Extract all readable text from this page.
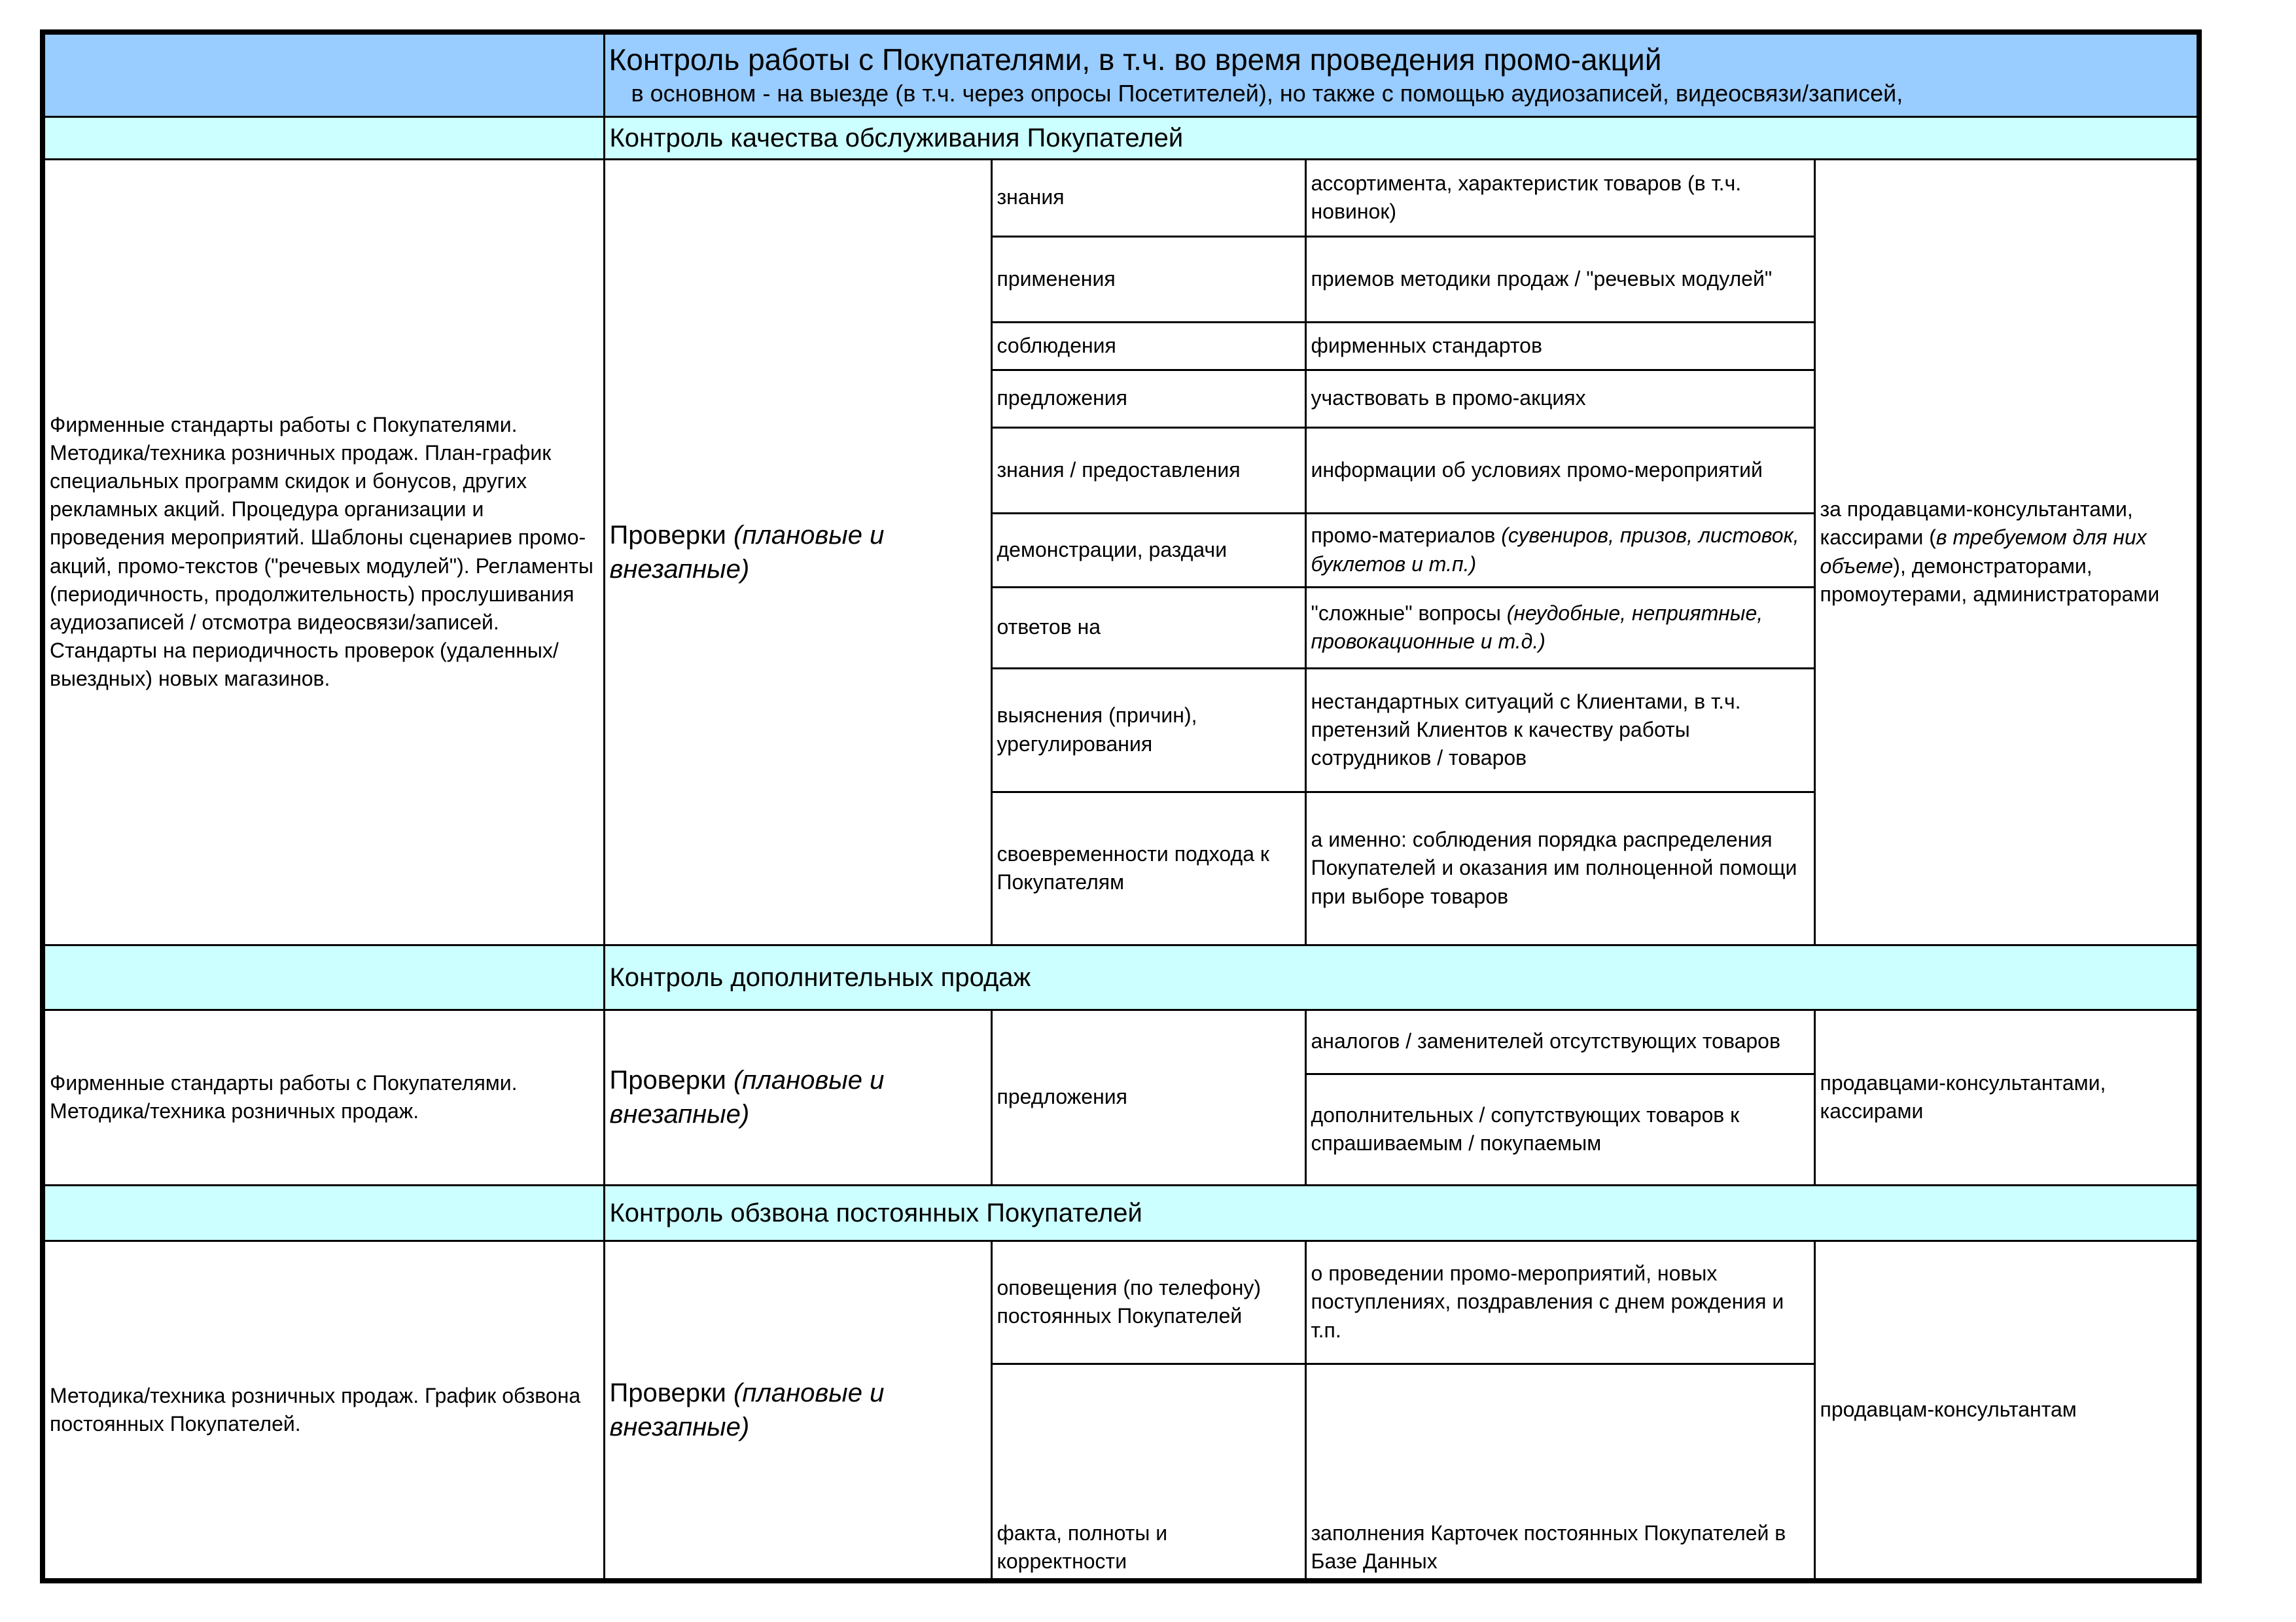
	Контроль работы с Покупателями, в т.ч. во время проведения промо-акций
в основном - на выезде (в т.ч. через опросы Посетителей), но также с помощью аудиозаписей, видеосвязи/записей,			

	Контроль качества обслуживания Покупателей			
Фирменные стандарты работы с Покупателями. Методика/техника розничных продаж. План-график специальных программ скидок и бонусов, других рекламных акций. Процедура организации и проведения мероприятий. Шаблоны сценариев промо-акций, промо-текстов ("речевых модулей"). Регламенты (периодичность, продолжительность) прослушивания аудиозаписей / отсмотра видеосвязи/записей. Стандарты на периодичность проверок (удаленных/выездных) новых магазинов.	Проверки (плановые и внезапные)	знания	ассортимента, характеристик товаров (в т.ч. новинок)	за продавцами-консультантами, кассирами (в требуемом для них объеме), демонстраторами, промоутерами, администраторами
		применения	приемов методики продаж / "речевых модулей"	
		соблюдения	фирменных стандартов	
		предложения	участвовать в промо-акциях	
		знания / предоставления	информации об условиях промо-мероприятий	
		демонстрации, раздачи	промо-материалов (сувениров, призов, листовок, буклетов и т.п.)	
		ответов на	"сложные" вопросы (неудобные, неприятные, провокационные и т.д.)	
		выяснения (причин), урегулирования	нестандартных ситуаций с Клиентами, в т.ч. претензий Клиентов к качеству работы сотрудников / товаров	
		своевременности подхода к Покупателям	а именно: соблюдения порядка распределения Покупателей и оказания им полноценной помощи при выборе товаров	
	Контроль дополнительных продаж			
Фирменные стандарты работы с Покупателями. Методика/техника розничных продаж.	Проверки (плановые и внезапные)	предложения	аналогов / заменителей отсутствующих товаров	продавцами-консультантами, кассирами
			дополнительных / сопутствующих товаров к спрашиваемым / покупаемым	
	Контроль обзвона постоянных Покупателей			
Методика/техника розничных продаж. График обзвона постоянных Покупателей.	Проверки (плановые и внезапные)	оповещения (по телефону) постоянных Покупателей	о проведении промо-мероприятий, новых поступлениях, поздравления с днем рождения и т.п.	продавцам-консультантам
		факта, полноты и корректности	заполнения Карточек постоянных Покупателей в Базе Данных	
